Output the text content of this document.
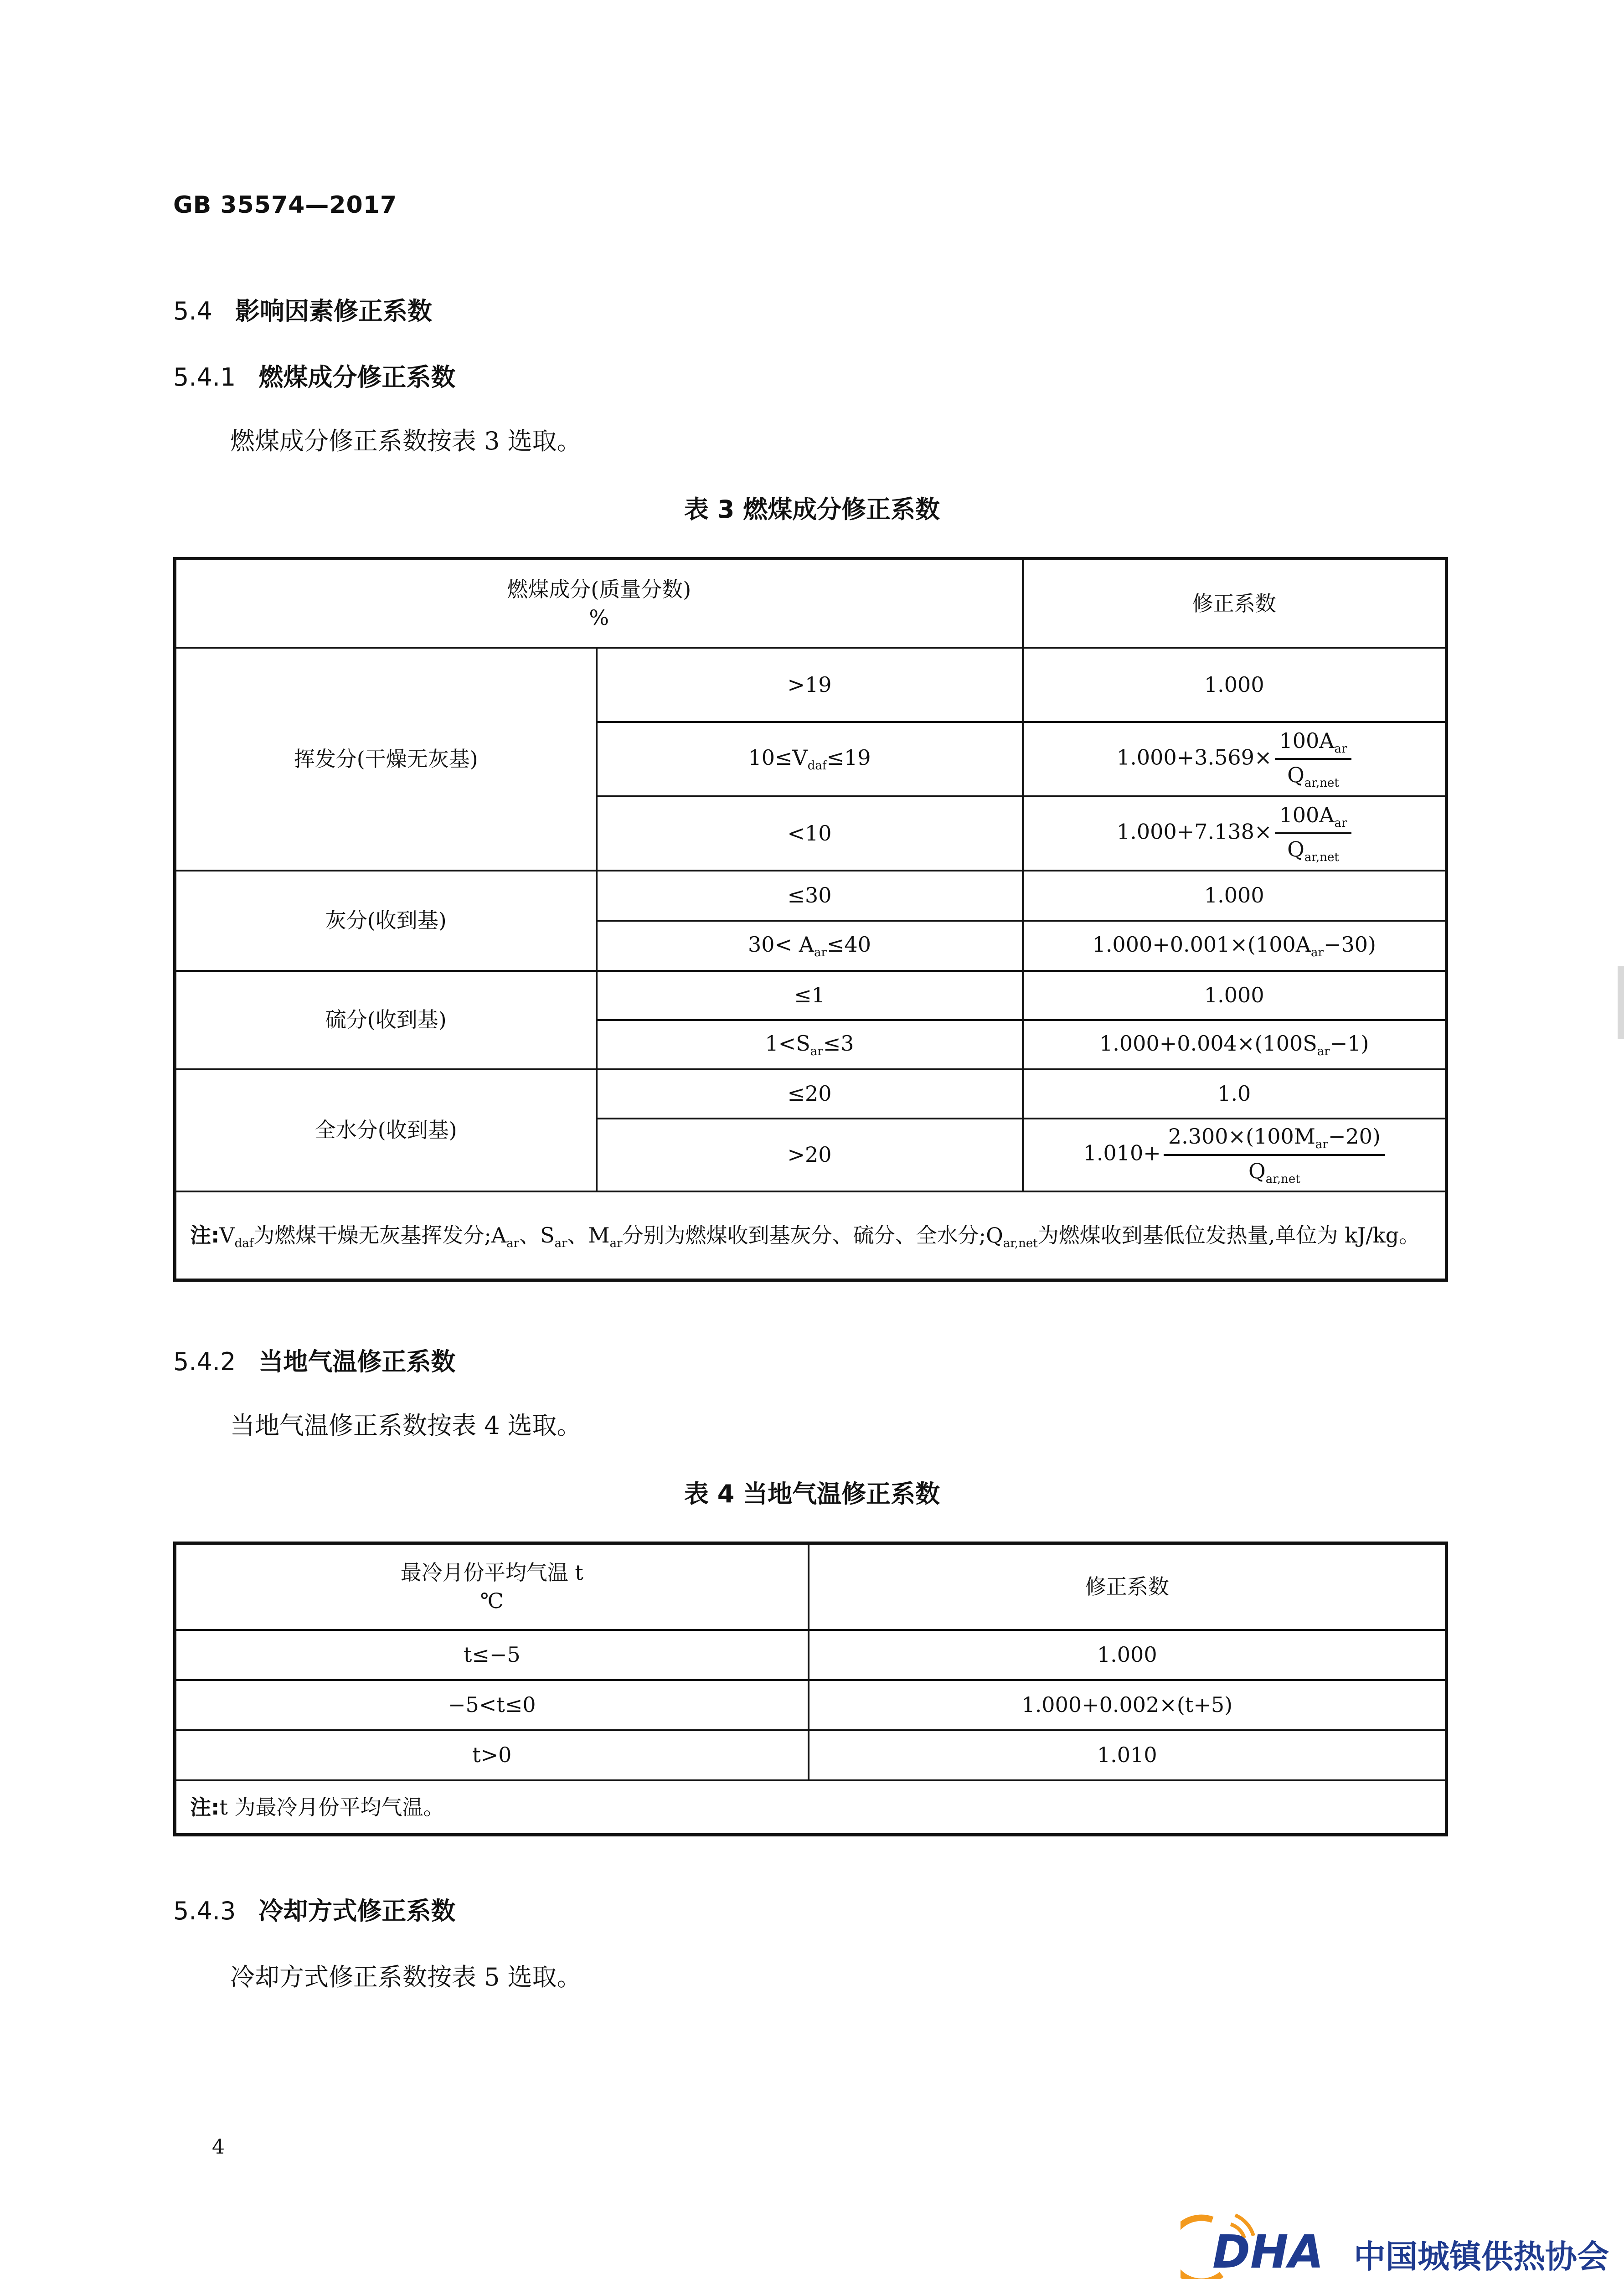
GB 35574—2017
5.4 影响因素修正系数
5.4.1 燃煤成分修正系数
燃煤成分修正系数按表 3 选取。
表 3 燃煤成分修正系数
燃煤成分(质量分数)
%		修正系数
挥发分(干燥无灰基)	>19	1.000
	$10\le V_{daf}\le 19$	$1.000+3.569\times \frac{100A_{ar}}{Q_{ar,net}}$

	<10	$1.000+7.138\times \frac{100A_{ar}}{Q_{ar,net}}$

灰分(收到基)	≤30	1.000
	$30< A_{ar}\le 40$	$1.000+0.001\times(100A_{ar}-30)$
硫分(收到基)	≤1	1.000
	$1<S_{ar}\le 3$	$1.000+0.004\times(100S_{ar}-1)$
全水分(收到基)	≤20	1.0
	>20	$1.010+ \frac{2.300\times(100M_{ar}-20)}{Q_{ar,net}}$

注$:V_{daf}$为燃煤干燥无灰基挥发分$;A_{ar}$、$S_{ar}$、$M_{ar}$分别为燃煤收到基灰分、硫分、全水分$;Q_{ar,net}$为燃煤收到基低位发热量,单位为 kJ/kg。		
5.4.2 当地气温修正系数
当地气温修正系数按表 4 选取。
表 4 当地气温修正系数
最冷月份平均气温 t
℃	修正系数
t≤−5	1.000
−5<t≤0	1.000+0.002×(t+5)
t>0	1.010
注:t 为最冷月份平均气温。	
5.4.3 冷却方式修正系数
冷却方式修正系数按表 5 选取。
4
DHA 中国城镇供热协会
